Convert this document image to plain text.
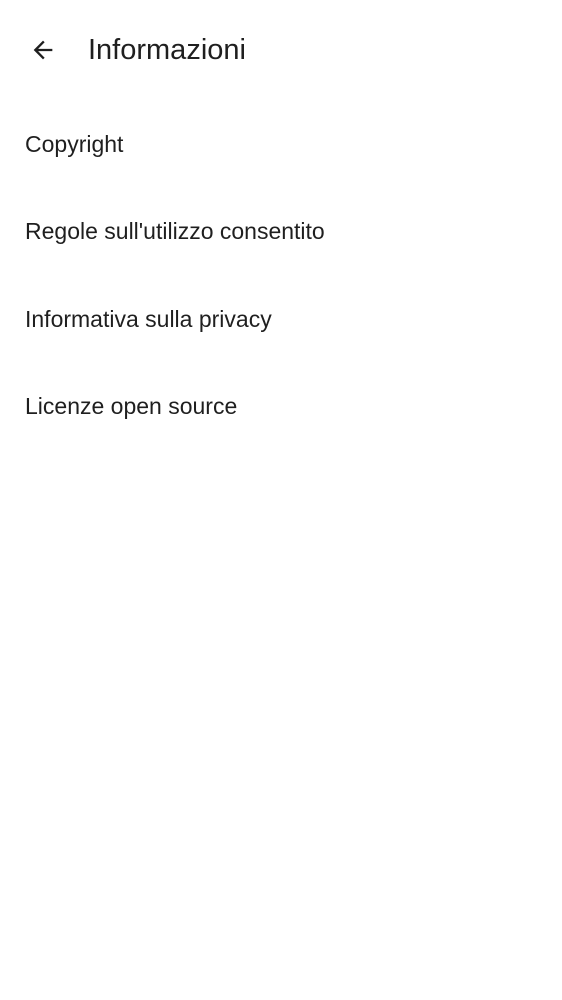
Informazioni
Copyright
Regole sull'utilizzo consentito
Informativa sulla privacy
Licenze open source
